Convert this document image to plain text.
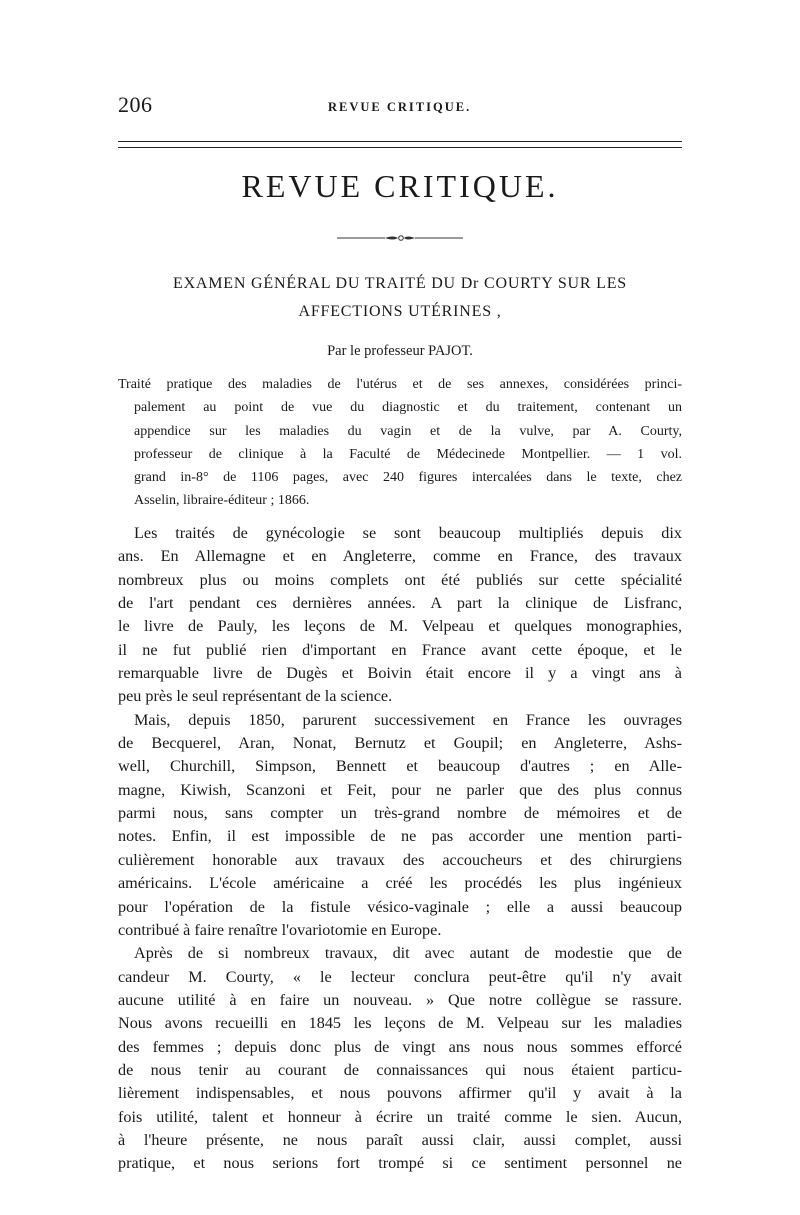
206	REVUE CRITIQUE.
REVUE CRITIQUE.
EXAMEN GÉNÉRAL DU TRAITÉ DU Dr COURTY SUR LES
AFFECTIONS UTÉRINES ,
Par le professeur PAJOT.
Traité pratique des maladies de l'utérus et de ses annexes, considérées princi-
palement au point de vue du diagnostic et du traitement, contenant un
appendice sur les maladies du vagin et de la vulve, par A. Courty,
professeur de clinique à la Faculté de Médecinede Montpellier. — 1 vol.
grand in-8° de 1106 pages, avec 240 figures intercalées dans le texte, chez
Asselin, libraire-éditeur ; 1866.
Les traités de gynécologie se sont beaucoup multipliés depuis dix
ans. En Allemagne et en Angleterre, comme en France, des travaux
nombreux plus ou moins complets ont été publiés sur cette spécialité
de l'art pendant ces dernières années. A part la clinique de Lisfranc,
le livre de Pauly, les leçons de M. Velpeau et quelques monographies,
il ne fut publié rien d'important en France avant cette époque, et le
remarquable livre de Dugès et Boivin était encore il y a vingt ans à
peu près le seul représentant de la science.
Mais, depuis 1850, parurent successivement en France les ouvrages
de Becquerel, Aran, Nonat, Bernutz et Goupil; en Angleterre, Ashs-
well, Churchill, Simpson, Bennett et beaucoup d'autres ; en Alle-
magne, Kiwish, Scanzoni et Feit, pour ne parler que des plus connus
parmi nous, sans compter un très-grand nombre de mémoires et de
notes. Enfin, il est impossible de ne pas accorder une mention parti-
culièrement honorable aux travaux des accoucheurs et des chirurgiens
américains. L'école américaine a créé les procédés les plus ingénieux
pour l'opération de la fistule vésico-vaginale ; elle a aussi beaucoup
contribué à faire renaître l'ovariotomie en Europe.
Après de si nombreux travaux, dit avec autant de modestie que de
candeur M. Courty, « le lecteur conclura peut-être qu'il n'y avait
aucune utilité à en faire un nouveau. » Que notre collègue se rassure.
Nous avons recueilli en 1845 les leçons de M. Velpeau sur les maladies
des femmes ; depuis donc plus de vingt ans nous nous sommes efforcé
de nous tenir au courant de connaissances qui nous étaient particu-
lièrement indispensables, et nous pouvons affirmer qu'il y avait à la
fois utilité, talent et honneur à écrire un traité comme le sien. Aucun,
à l'heure présente, ne nous paraît aussi clair, aussi complet, aussi
pratique, et nous serions fort trompé si ce sentiment personnel ne
